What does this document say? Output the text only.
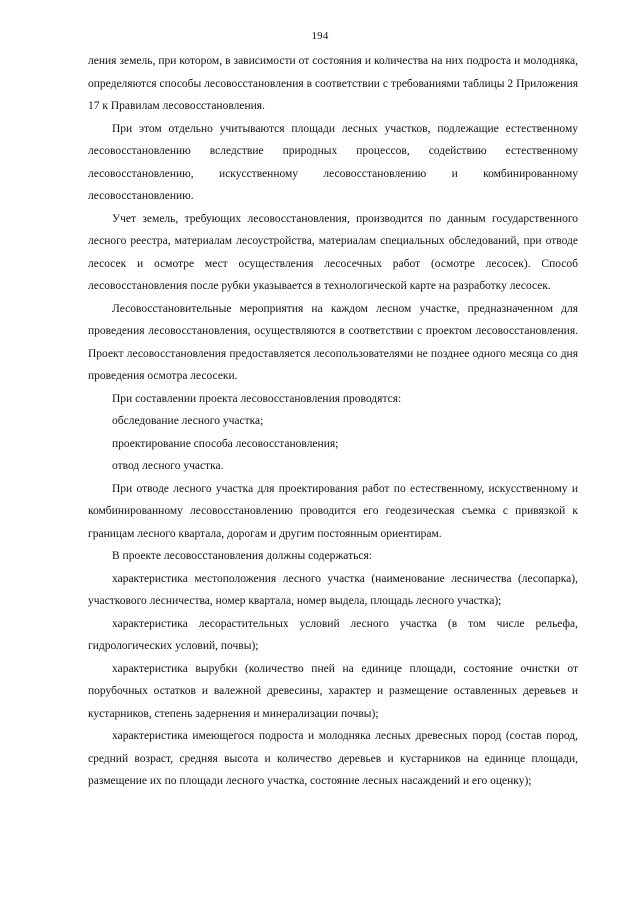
194

ления земель, при котором, в зависимости от состояния и количества на них подроста и молодняка, определяются способы лесовосстановления в соответствии с требованиями таблицы 2 Приложения 17 к Правилам лесовосстановления.

При этом отдельно учитываются площади лесных участков, подлежащие естественному лесовосстановлению вследствие природных процессов, содействию естественному лесовосстановлению, искусственному лесовосстановлению и комбинированному лесовосстановлению.

Учет земель, требующих лесовосстановления, производится по данным государственного лесного реестра, материалам лесоустройства, материалам специальных обследований, при отводе лесосек и осмотре мест осуществления лесосечных работ (осмотре лесосек). Способ лесовосстановления после рубки указывается в технологической карте на разработку лесосек.

Лесовосстановительные мероприятия на каждом лесном участке, предназначенном для проведения лесовосстановления, осуществляются в соответствии с проектом лесовосстановления. Проект лесовосстановления предоставляется лесопользователями не позднее одного месяца со дня проведения осмотра лесосеки.

При составлении проекта лесовосстановления проводятся:

обследование лесного участка;

проектирование способа лесовосстановления;

отвод лесного участка.

При отводе лесного участка для проектирования работ по естественному, искусственному и комбинированному лесовосстановлению проводится его геодезическая съемка с привязкой к границам лесного квартала, дорогам и другим постоянным ориентирам.

В проекте лесовосстановления должны содержаться:

характеристика местоположения лесного участка (наименование лесничества (лесопарка), участкового лесничества, номер квартала, номер выдела, площадь лесного участка);

характеристика лесорастительных условий лесного участка (в том числе рельефа, гидрологических условий, почвы);

характеристика вырубки (количество пней на единице площади, состояние очистки от порубочных остатков и валежной древесины, характер и размещение оставленных деревьев и кустарников, степень задернения и минерализации почвы);

характеристика имеющегося подроста и молодняка лесных древесных пород (состав пород, средний возраст, средняя высота и количество деревьев и кустарников на единице площади, размещение их по площади лесного участка, состояние лесных насаждений и его оценку);
